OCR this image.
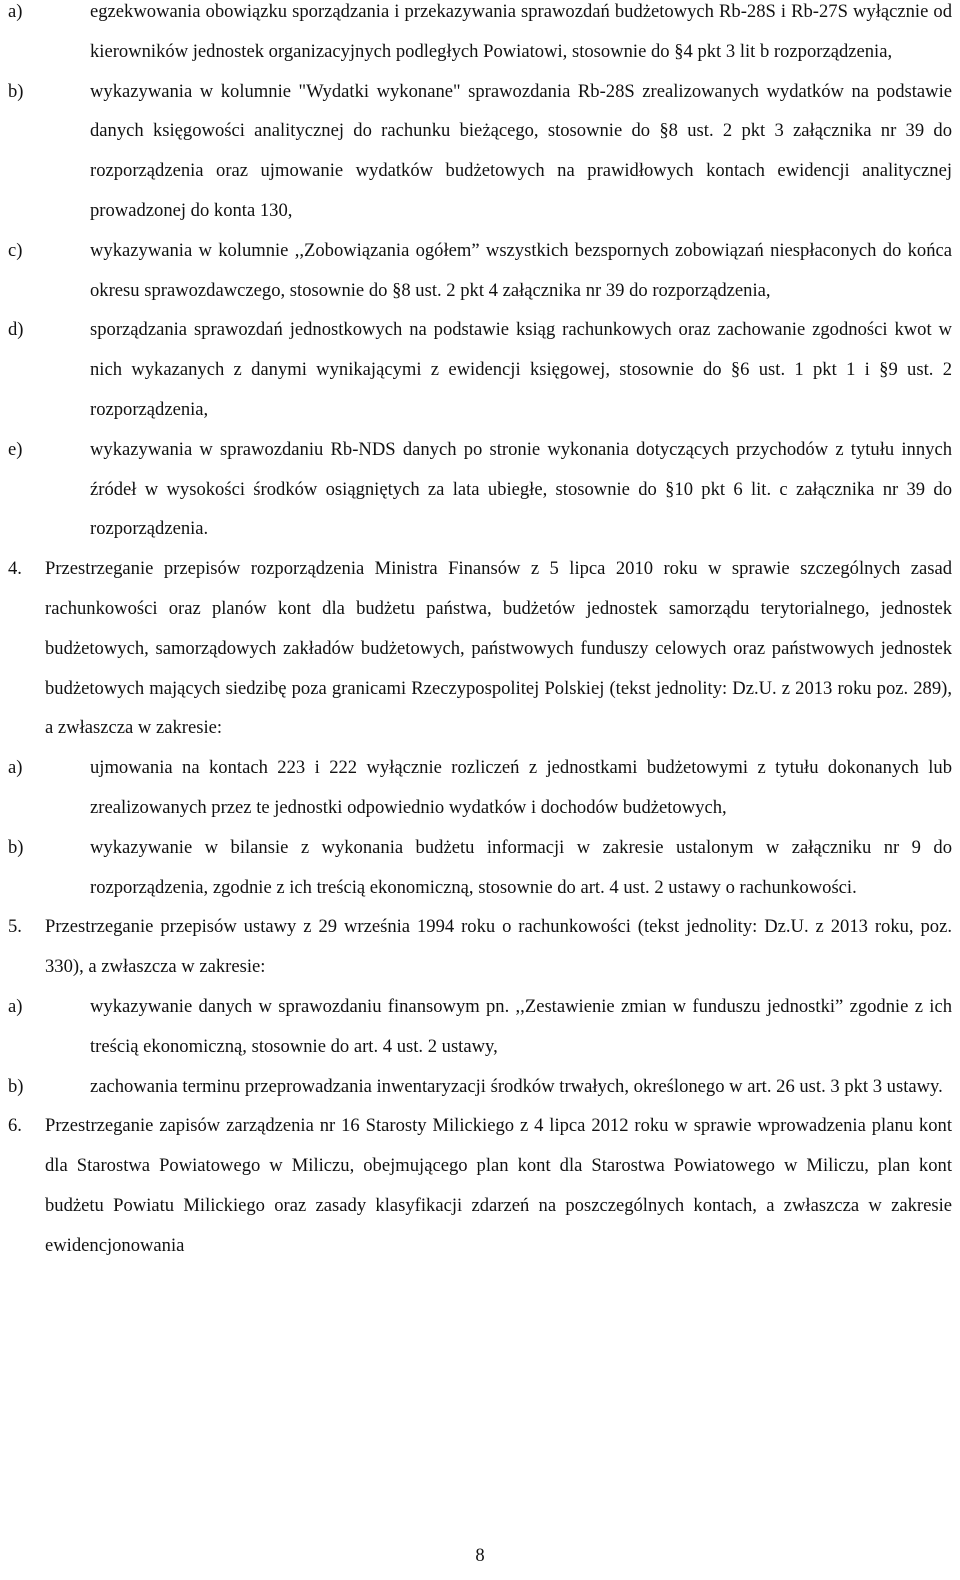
a)	egzekwowania obowiązku sporządzania i przekazywania sprawozdań budżetowych Rb-28S i Rb-27S wyłącznie od kierowników jednostek organizacyjnych podległych Powiatowi, stosownie do §4 pkt 3 lit b rozporządzenia,
b)	wykazywania w kolumnie "Wydatki wykonane" sprawozdania Rb-28S zrealizowanych wydatków na podstawie danych księgowości analitycznej do rachunku bieżącego, stosownie do §8 ust. 2 pkt 3 załącznika nr 39 do rozporządzenia oraz ujmowanie wydatków budżetowych na prawidłowych kontach ewidencji analitycznej prowadzonej do konta 130,
c)	wykazywania w kolumnie ,,Zobowiązania ogółem” wszystkich bezspornych zobowiązań niespłaconych do końca okresu sprawozdawczego, stosownie do §8 ust. 2 pkt 4 załącznika nr 39 do rozporządzenia,
d)	sporządzania sprawozdań jednostkowych na podstawie ksiąg rachunkowych oraz zachowanie zgodności kwot w nich wykazanych z danymi wynikającymi z ewidencji księgowej, stosownie do §6 ust. 1 pkt 1 i §9 ust. 2 rozporządzenia,
e)	wykazywania w sprawozdaniu Rb-NDS danych po stronie wykonania dotyczących przychodów z tytułu innych źródeł w wysokości środków osiągniętych za lata ubiegłe, stosownie do §10 pkt 6 lit. c załącznika nr 39 do rozporządzenia.
4. Przestrzeganie przepisów rozporządzenia Ministra Finansów z 5 lipca 2010 roku w sprawie szczególnych zasad rachunkowości oraz planów kont dla budżetu państwa, budżetów jednostek samorządu terytorialnego, jednostek budżetowych, samorządowych zakładów budżetowych, państwowych funduszy celowych oraz państwowych jednostek budżetowych mających siedzibę poza granicami Rzeczypospolitej Polskiej (tekst jednolity: Dz.U. z 2013 roku poz. 289), a zwłaszcza w zakresie:
a)	ujmowania na kontach 223 i 222 wyłącznie rozliczeń z jednostkami budżetowymi z tytułu dokonanych lub zrealizowanych przez te jednostki odpowiednio wydatków i dochodów budżetowych,
b)	wykazywanie w bilansie z wykonania budżetu informacji w zakresie ustalonym w załączniku nr 9 do rozporządzenia, zgodnie z ich treścią ekonomiczną, stosownie do art. 4 ust. 2 ustawy o rachunkowości.
5. Przestrzeganie przepisów ustawy z 29 września 1994 roku o rachunkowości (tekst jednolity: Dz.U. z 2013 roku, poz. 330), a zwłaszcza w zakresie:
a)	wykazywanie danych w sprawozdaniu finansowym pn. ,,Zestawienie zmian w funduszu jednostki” zgodnie z ich treścią ekonomiczną, stosownie do art. 4 ust. 2 ustawy,
b)	zachowania terminu przeprowadzania inwentaryzacji środków trwałych, określonego w art. 26 ust. 3 pkt 3 ustawy.
6. Przestrzeganie zapisów zarządzenia nr 16 Starosty Milickiego z 4 lipca 2012 roku w sprawie wprowadzenia planu kont dla Starostwa Powiatowego w Miliczu, obejmującego plan kont dla Starostwa Powiatowego w Miliczu, plan kont budżetu Powiatu Milickiego oraz zasady klasyfikacji zdarzeń na poszczególnych kontach, a zwłaszcza w zakresie ewidencjonowania
8
